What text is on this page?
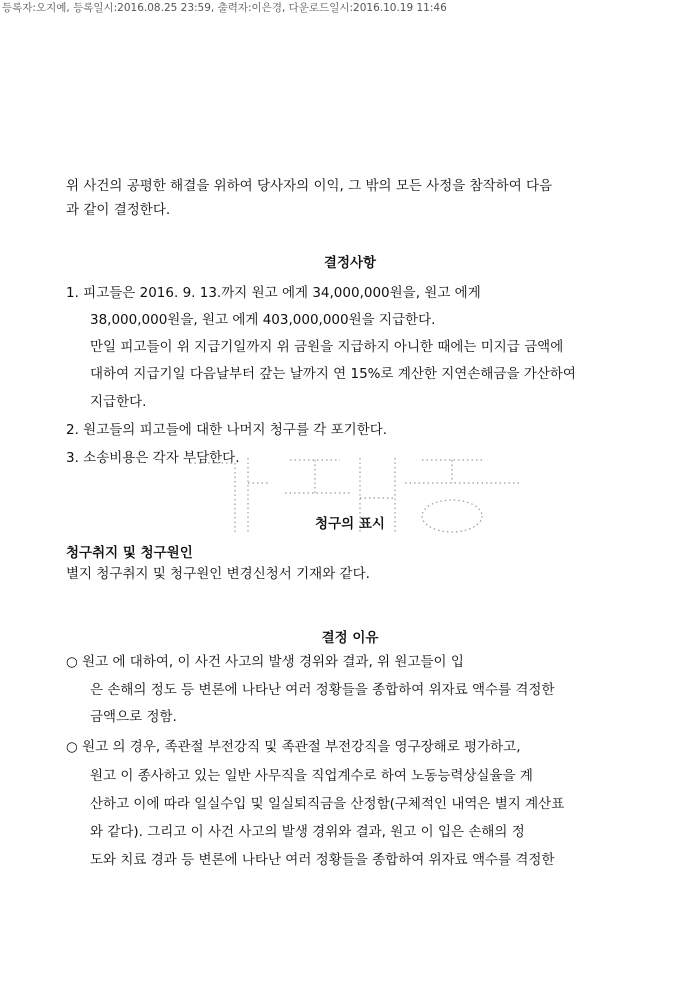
등록자:오지예, 등록일시:2016.08.25 23:59, 출력자:이은경, 다운로드일시:2016.10.19 11:46
위 사건의 공평한 해결을 위하여 당사자의 이익, 그 밖의 모든 사정을 참작하여 다음
과 같이 결정한다.
결정사항
1. 피고들은 2016. 9. 13.까지 원고 에게 34,000,000원을, 원고 에게
38,000,000원을, 원고 에게 403,000,000원을 지급한다.
만일 피고들이 위 지급기일까지 위 금원을 지급하지 아니한 때에는 미지급 금액에
대하여 지급기일 다음날부터 갚는 날까지 연 15%로 계산한 지연손해금을 가산하여
지급한다.
2. 원고들의 피고들에 대한 나머지 청구를 각 포기한다.
3. 소송비용은 각자 부담한다.
청구의 표시
청구취지 및 청구원인
별지 청구취지 및 청구원인 변경신청서 기재와 같다.
결정 이유
○ 원고 에 대하여, 이 사건 사고의 발생 경위와 결과, 위 원고들이 입
은 손해의 정도 등 변론에 나타난 여러 정황들을 종합하여 위자료 액수를 격정한
금액으로 정함.
○ 원고 의 경우, 족관절 부전강직 및 족관절 부전강직을 영구장해로 평가하고,
원고 이 종사하고 있는 일반 사무직을 직업계수로 하여 노동능력상실율을 계
산하고 이에 따라 일실수입 및 일실퇴직금을 산정함(구체적인 내역은 별지 계산표
와 같다). 그리고 이 사건 사고의 발생 경위와 결과, 원고 이 입은 손해의 정
도와 치료 경과 등 변론에 나타난 여러 정황들을 종합하여 위자료 액수를 격정한
